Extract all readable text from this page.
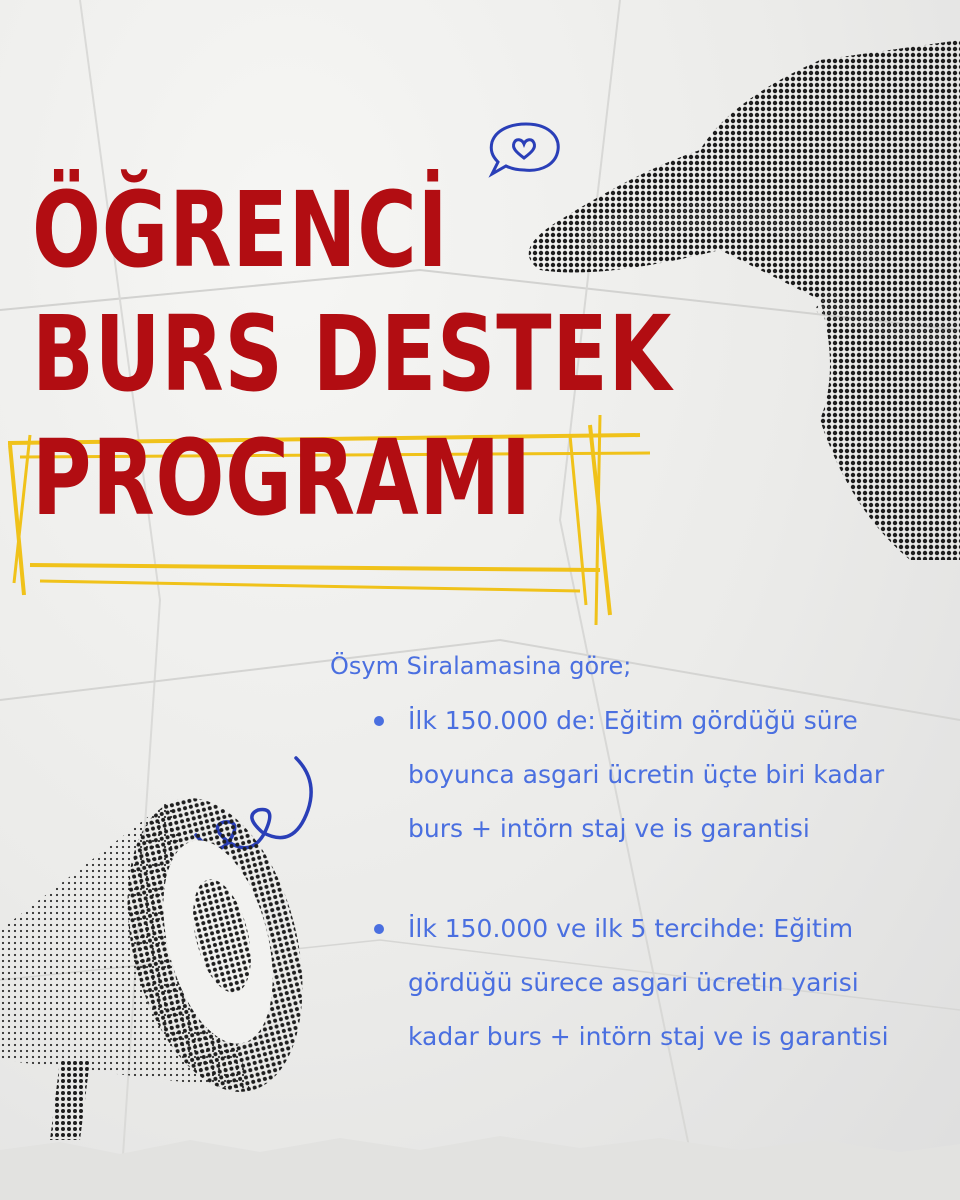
ÖĞRENCİ
BURS DESTEK
PROGRAMI

Ösym Siralamasina göre;

İlk 150.000 de: Eğitim gördüğü süre boyunca asgari ücretin üçte biri kadar burs + intörn staj ve is garantisi
İlk 150.000 ve ilk 5 tercihde: Eğitim gördüğü sürece asgari ücretin yarisi kadar burs + intörn staj ve is garantisi
